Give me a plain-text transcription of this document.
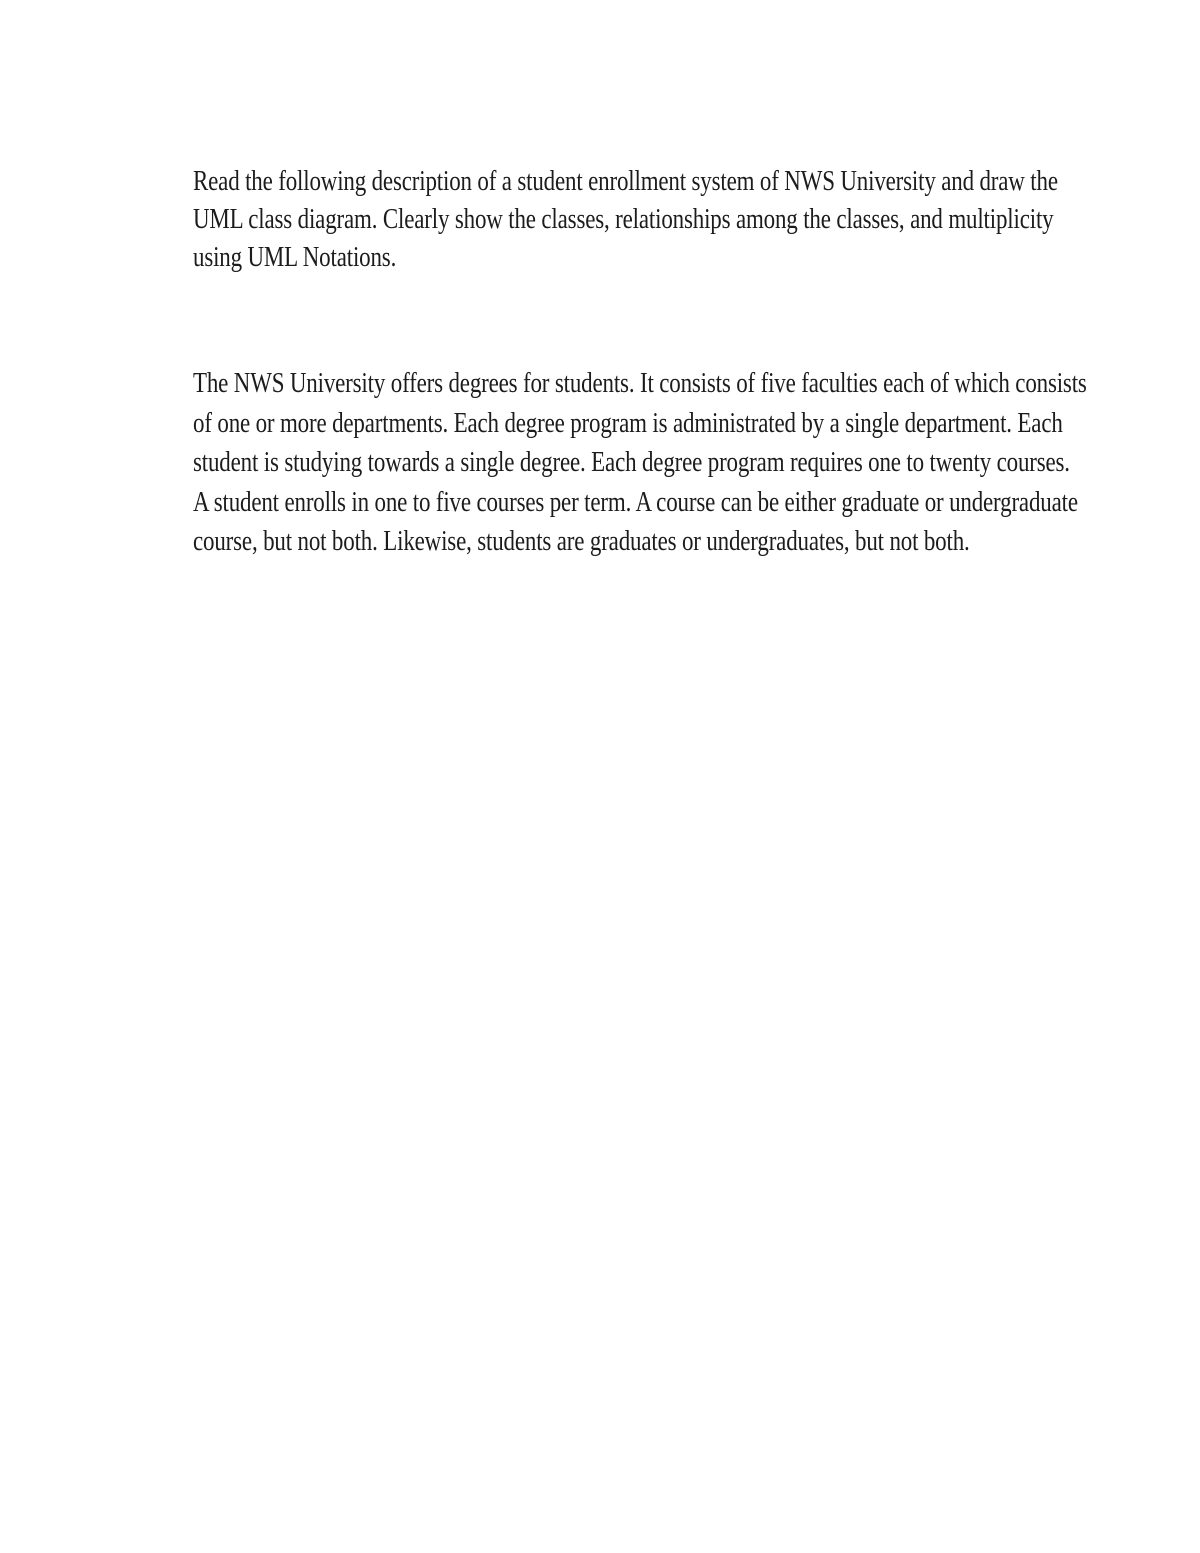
Read the following description of a student enrollment system of NWS University and draw the
UML class diagram. Clearly show the classes, relationships among the classes, and multiplicity
using UML Notations.
The NWS University offers degrees for students. It consists of five faculties each of which consists
of one or more departments. Each degree program is administrated by a single department. Each
student is studying towards a single degree. Each degree program requires one to twenty courses.
A student enrolls in one to five courses per term. A course can be either graduate or undergraduate
course, but not both. Likewise, students are graduates or undergraduates, but not both.
